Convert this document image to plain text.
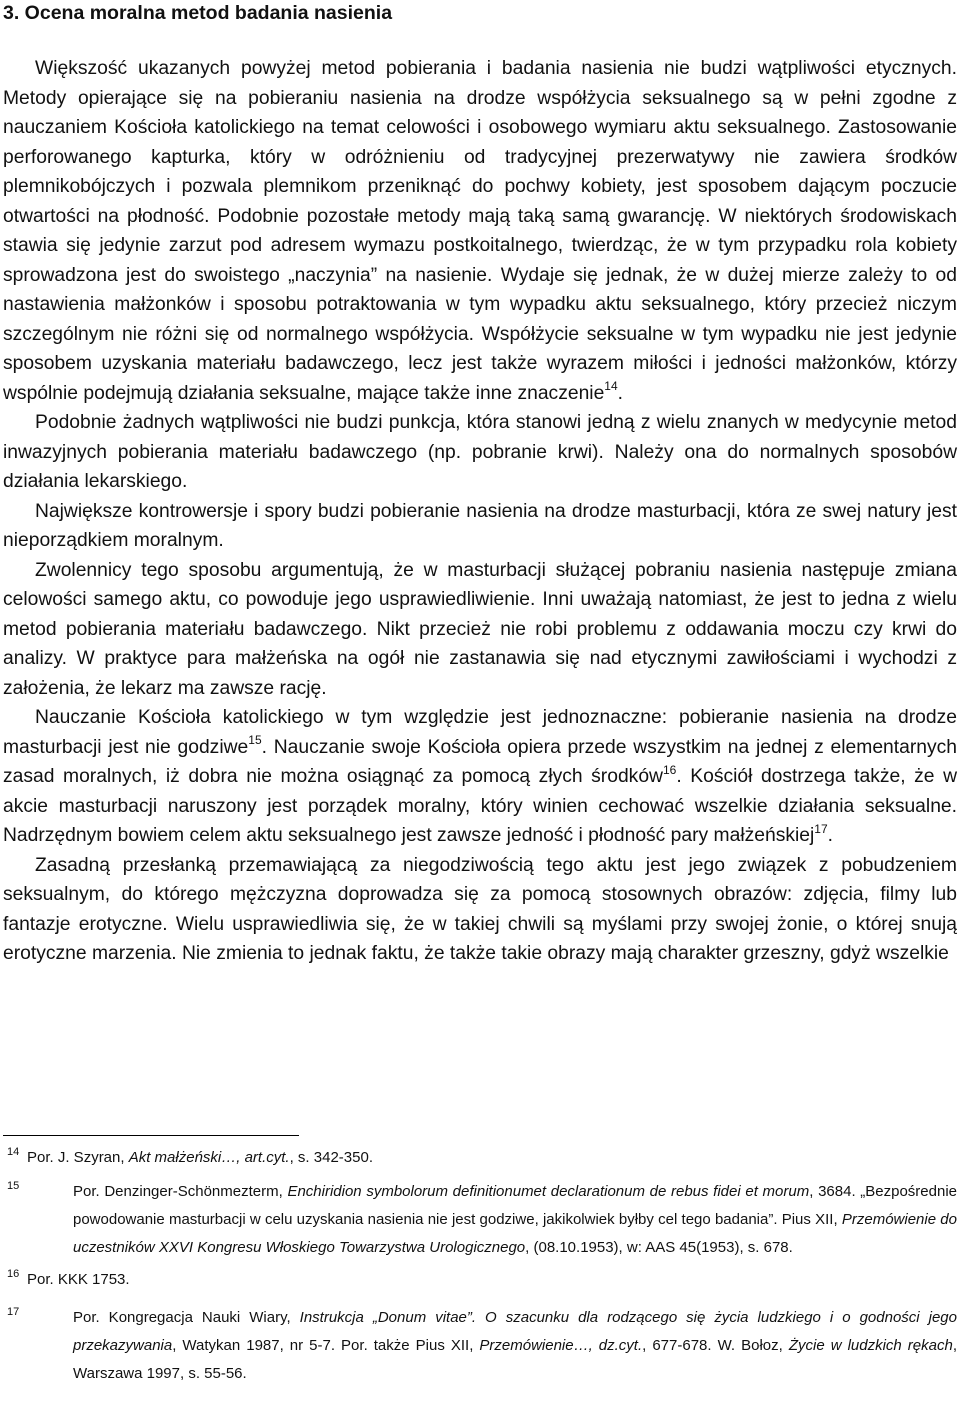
3. Ocena moralna metod badania nasienia

Większość ukazanych powyżej metod pobierania i badania nasienia nie budzi wątpliwości etycznych. Metody opierające się na pobieraniu nasienia na drodze współżycia seksualnego są w pełni zgodne z nauczaniem Kościoła katolickiego na temat celowości i osobowego wymiaru aktu seksualnego. Zastosowanie perforowanego kapturka, który w odróżnieniu od tradycyjnej prezerwatywy nie zawiera środków plemnikobójczych i pozwala plemnikom przeniknąć do pochwy kobiety, jest sposobem dającym poczucie otwartości na płodność. Podobnie pozostałe metody mają taką samą gwarancję. W niektórych środowiskach stawia się jedynie zarzut pod adresem wymazu postkoitalnego, twierdząc, że w tym przypadku rola kobiety sprowadzona jest do swoistego „naczynia” na nasienie. Wydaje się jednak, że w dużej mierze zależy to od nastawienia małżonków i sposobu potraktowania w tym wypadku aktu seksualnego, który przecież niczym szczególnym nie różni się od normalnego współżycia. Współżycie seksualne w tym wypadku nie jest jedynie sposobem uzyskania materiału badawczego, lecz jest także wyrazem miłości i jedności małżonków, którzy wspólnie podejmują działania seksualne, mające także inne znaczenie$^{14}$.

Podobnie żadnych wątpliwości nie budzi punkcja, która stanowi jedną z wielu znanych w medycynie metod inwazyjnych pobierania materiału badawczego (np. pobranie krwi). Należy ona do normalnych sposobów działania lekarskiego.

Największe kontrowersje i spory budzi pobieranie nasienia na drodze masturbacji, która ze swej natury jest nieporządkiem moralnym.

Zwolennicy tego sposobu argumentują, że w masturbacji służącej pobraniu nasienia następuje zmiana celowości samego aktu, co powoduje jego usprawiedliwienie. Inni uważają natomiast, że jest to jedna z wielu metod pobierania materiału badawczego. Nikt przecież nie robi problemu z oddawania moczu czy krwi do analizy. W praktyce para małżeńska na ogół nie zastanawia się nad etycznymi zawiłościami i wychodzi z założenia, że lekarz ma zawsze rację.

Nauczanie Kościoła katolickiego w tym względzie jest jednoznaczne: pobieranie nasienia na drodze masturbacji jest nie godziwe$^{15}$. Nauczanie swoje Kościoła opiera przede wszystkim na jednej z elementarnych zasad moralnych, iż dobra nie można osiągnąć za pomocą złych środków$^{16}$. Kościół dostrzega także, że w akcie masturbacji naruszony jest porządek moralny, który winien cechować wszelkie działania seksualne. Nadrzędnym bowiem celem aktu seksualnego jest zawsze jedność i płodność pary małżeńskiej$^{17}$.

Zasadną przesłanką przemawiającą za niegodziwością tego aktu jest jego związek z pobudzeniem seksualnym, do którego mężczyzna doprowadza się za pomocą stosownych obrazów: zdjęcia, filmy lub fantazje erotyczne. Wielu usprawiedliwia się, że w takiej chwili są myślami przy swojej żonie, o której snują erotyczne marzenia. Nie zmienia to jednak faktu, że także takie obrazy mają charakter grzeszny, gdyż wszelkie

14 Por. J. Szyran, Akt małżeński…, art.cyt., s. 342-350.
15	Por. Denzinger-Schönmezterm, Enchiridion symbolorum definitionumet declarationum de rebus fidei et morum, 3684. „Bezpośrednie powodowanie masturbacji w celu uzyskania nasienia nie jest godziwe, jakikolwiek byłby cel tego badania”. Pius XII, Przemówienie do uczestników XXVI Kongresu Włoskiego Towarzystwa Urologicznego, (08.10.1953), w: AAS 45(1953), s. 678.
16 Por. KKK 1753.
17	Por. Kongregacja Nauki Wiary, Instrukcja „Donum vitae”. O szacunku dla rodzącego się życia ludzkiego i o godności jego przekazywania, Watykan 1987, nr 5-7. Por. także Pius XII, Przemówienie…, dz.cyt., 677-678. W. Bołoz, Życie w ludzkich rękach, Warszawa 1997, s. 55-56.
